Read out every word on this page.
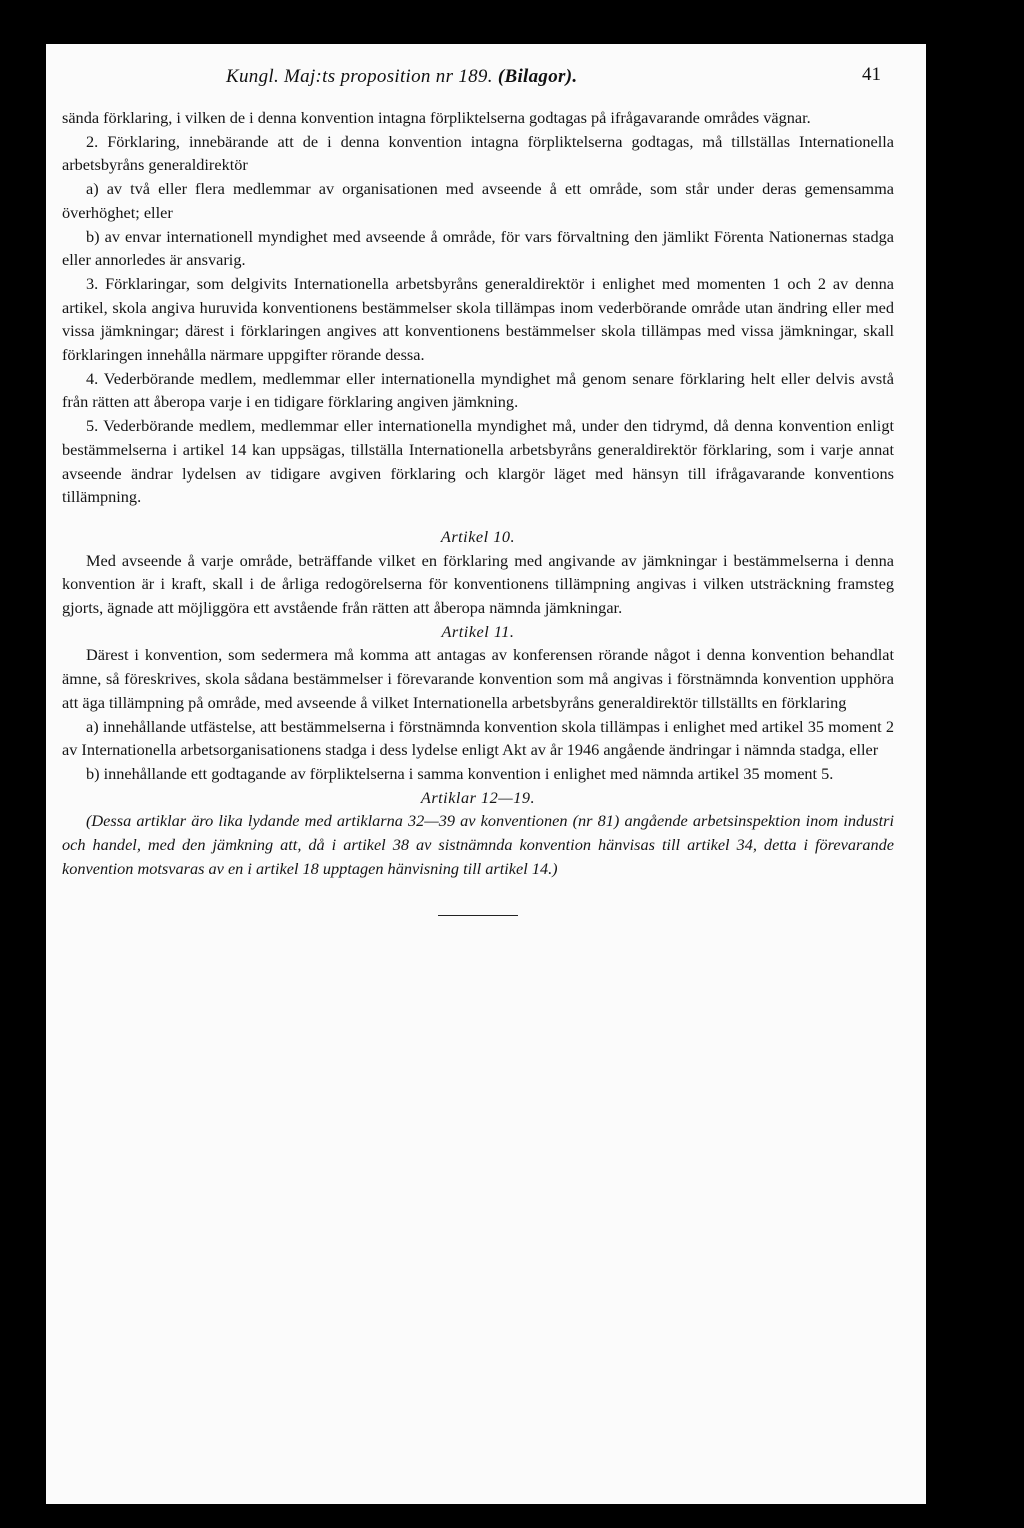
Kungl. Maj:ts proposition nr 189. (Bilagor).	41

sända förklaring, i vilken de i denna konvention intagna förpliktelserna godtagas på ifrågavarande områdes vägnar.

2. Förklaring, innebärande att de i denna konvention intagna förpliktelserna godtagas, må tillställas Internationella arbetsbyråns generaldirektör

a) av två eller flera medlemmar av organisationen med avseende å ett område, som står under deras gemensamma överhöghet; eller

b) av envar internationell myndighet med avseende å område, för vars förvaltning den jämlikt Förenta Nationernas stadga eller annorledes är ansvarig.

3. Förklaringar, som delgivits Internationella arbetsbyråns generaldirektör i enlighet med momenten 1 och 2 av denna artikel, skola angiva huruvida konventionens bestämmelser skola tillämpas inom vederbörande område utan ändring eller med vissa jämkningar; därest i förklaringen angives att konventionens bestämmelser skola tillämpas med vissa jämkningar, skall förklaringen innehålla närmare uppgifter rörande dessa.

4. Vederbörande medlem, medlemmar eller internationella myndighet må genom senare förklaring helt eller delvis avstå från rätten att åberopa varje i en tidigare förklaring angiven jämkning.

5. Vederbörande medlem, medlemmar eller internationella myndighet må, under den tidrymd, då denna konvention enligt bestämmelserna i artikel 14 kan uppsägas, tillställa Internationella arbetsbyråns generaldirektör förklaring, som i varje annat avseende ändrar lydelsen av tidigare avgiven förklaring och klargör läget med hänsyn till ifrågavarande konventions tillämpning.

Artikel 10.

Med avseende å varje område, beträffande vilket en förklaring med angivande av jämkningar i bestämmelserna i denna konvention är i kraft, skall i de årliga redogörelserna för konventionens tillämpning angivas i vilken utsträckning framsteg gjorts, ägnade att möjliggöra ett avstående från rätten att åberopa nämnda jämkningar.

Artikel 11.

Därest i konvention, som sedermera må komma att antagas av konferensen rörande något i denna konvention behandlat ämne, så föreskrives, skola sådana bestämmelser i förevarande konvention som må angivas i förstnämnda konvention upphöra att äga tillämpning på område, med avseende å vilket Internationella arbetsbyråns generaldirektör tillställts en förklaring

a) innehållande utfästelse, att bestämmelserna i förstnämnda konvention skola tillämpas i enlighet med artikel 35 moment 2 av Internationella arbetsorganisationens stadga i dess lydelse enligt Akt av år 1946 angående ändringar i nämnda stadga, eller

b) innehållande ett godtagande av förpliktelserna i samma konvention i enlighet med nämnda artikel 35 moment 5.

Artiklar 12—19.

(Dessa artiklar äro lika lydande med artiklarna 32—39 av konventionen (nr 81) angående arbetsinspektion inom industri och handel, med den jämkning att, då i artikel 38 av sistnämnda konvention hänvisas till artikel 34, detta i förevarande konvention motsvaras av en i artikel 18 upptagen hänvisning till artikel 14.)
